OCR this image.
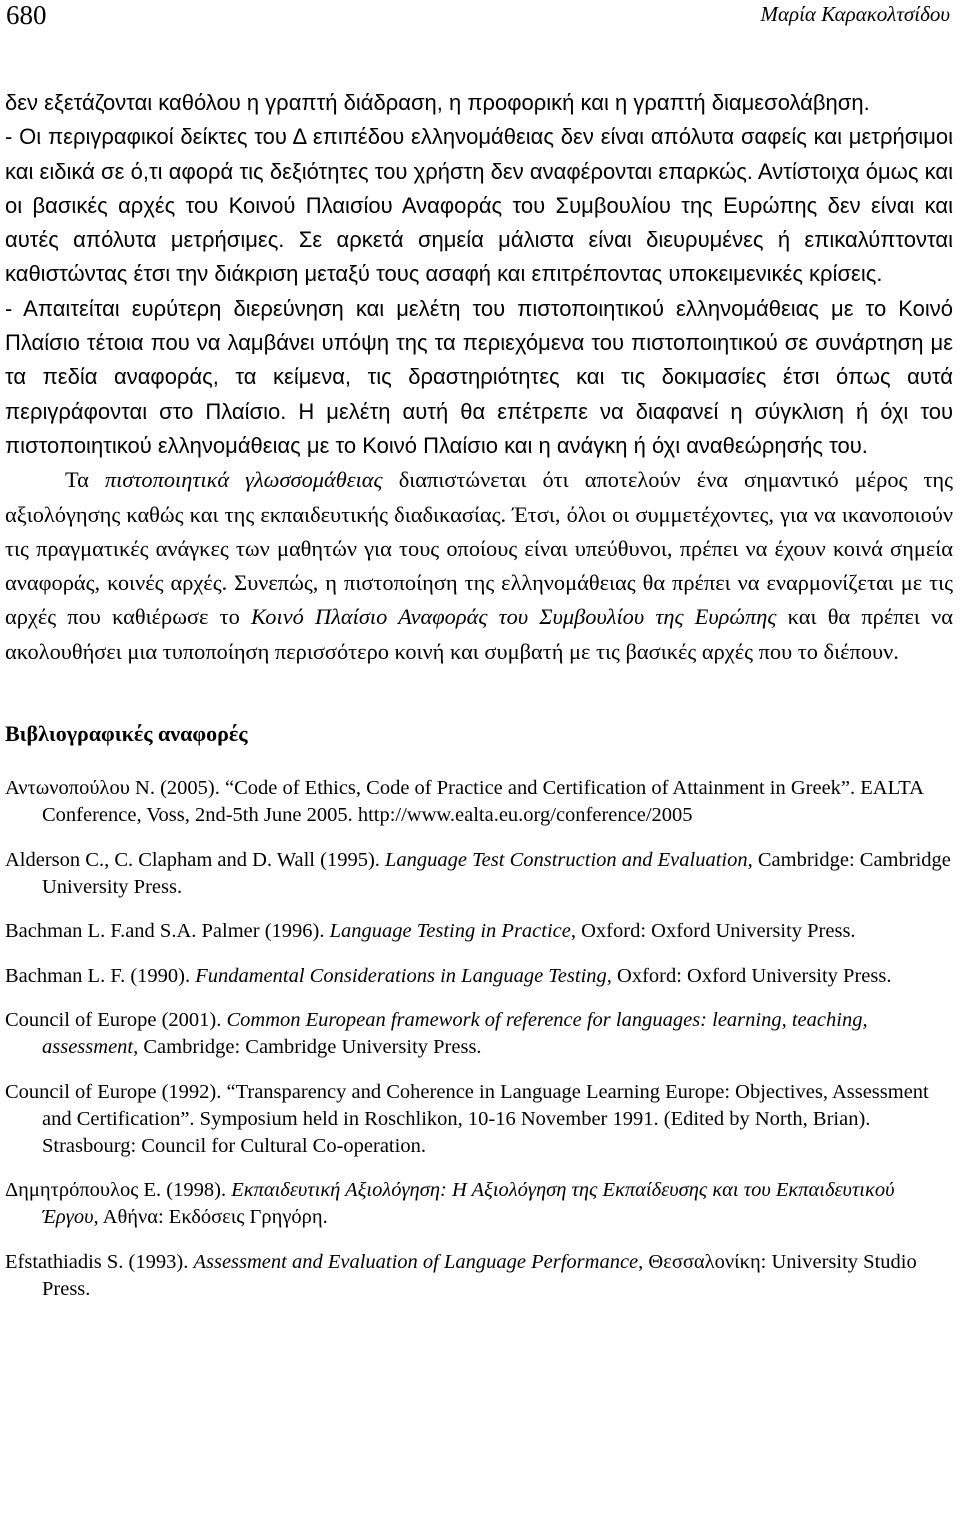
680	Μαρία Καρακολτσίδου

δεν εξετάζονται καθόλου η γραπτή διάδραση, η προφορική και η γραπτή διαμεσολάβηση.

- Οι περιγραφικοί δείκτες του Δ επιπέδου ελληνομάθειας δεν είναι απόλυτα σαφείς και μετρήσιμοι και ειδικά σε ό,τι αφορά τις δεξιότητες του χρήστη δεν αναφέρονται επαρκώς. Αντίστοιχα όμως και οι βασικές αρχές του Κοινού Πλαισίου Αναφοράς του Συμβουλίου της Ευρώπης δεν είναι και αυτές απόλυτα μετρήσιμες. Σε αρκετά σημεία μάλιστα είναι διευρυμένες ή επικαλύπτονται καθιστώντας έτσι την διάκριση μεταξύ τους ασαφή και επιτρέποντας υποκειμενικές κρίσεις.

- Απαιτείται ευρύτερη διερεύνηση και μελέτη του πιστοποιητικού ελληνομάθειας με το Κοινό Πλαίσιο τέτοια που να λαμβάνει υπόψη της τα περιεχόμενα του πιστοποιητικού σε συνάρτηση με τα πεδία αναφοράς, τα κείμενα, τις δραστηριότητες και τις δοκιμασίες έτσι όπως αυτά περιγράφονται στο Πλαίσιο. Η μελέτη αυτή θα επέτρεπε να διαφανεί η σύγκλιση ή όχι του πιστοποιητικού ελληνομάθειας με το Κοινό Πλαίσιο και η ανάγκη ή όχι αναθεώρησής του.

Τα πιστοποιητικά γλωσσομάθειας διαπιστώνεται ότι αποτελούν ένα σημαντικό μέρος της αξιολόγησης καθώς και της εκπαιδευτικής διαδικασίας. Έτσι, όλοι οι συμμετέχοντες, για να ικανοποιούν τις πραγματικές ανάγκες των μαθητών για τους οποίους είναι υπεύθυνοι, πρέπει να έχουν κοινά σημεία αναφοράς, κοινές αρχές. Συνεπώς, η πιστοποίηση της ελληνομάθειας θα πρέπει να εναρμονίζεται με τις αρχές που καθιέρωσε το Κοινό Πλαίσιο Αναφοράς του Συμβουλίου της Ευρώπης και θα πρέπει να ακολουθήσει μια τυποποίηση περισσότερο κοινή και συμβατή με τις βασικές αρχές που το διέπουν.

Βιβλιογραφικές αναφορές
Αντωνοπούλου Ν. (2005). “Code of Ethics, Code of Practice and Certification of Attainment in Greek”. EALTA Conference, Voss, 2nd-5th June 2005. http://www.ealta.eu.org/conference/2005
Alderson C., C. Clapham and D. Wall (1995). Language Test Construction and Evaluation, Cambridge: Cambridge University Press.
Bachman L. F.and S.A. Palmer (1996). Language Testing in Practice, Oxford: Oxford University Press.
Bachman L. F. (1990). Fundamental Considerations in Language Testing, Oxford: Oxford University Press.
Council of Europe (2001). Common European framework of reference for languages: learning, teaching, assessment, Cambridge: Cambridge University Press.
Council of Europe (1992). “Transparency and Coherence in Language Learning Europe: Objectives, Assessment and Certification”. Symposium held in Roschlikon, 10-16 November 1991. (Edited by North, Brian). Strasbourg: Council for Cultural Co-operation.
Δημητρόπουλος Ε. (1998). Εκπαιδευτική Αξιολόγηση: Η Αξιολόγηση της Εκπαίδευσης και του Εκπαιδευτικού Έργου, Αθήνα: Εκδόσεις Γρηγόρη.
Efstathiadis S. (1993). Assessment and Evaluation of Language Performance, Θεσσαλονίκη: University Studio Press.
